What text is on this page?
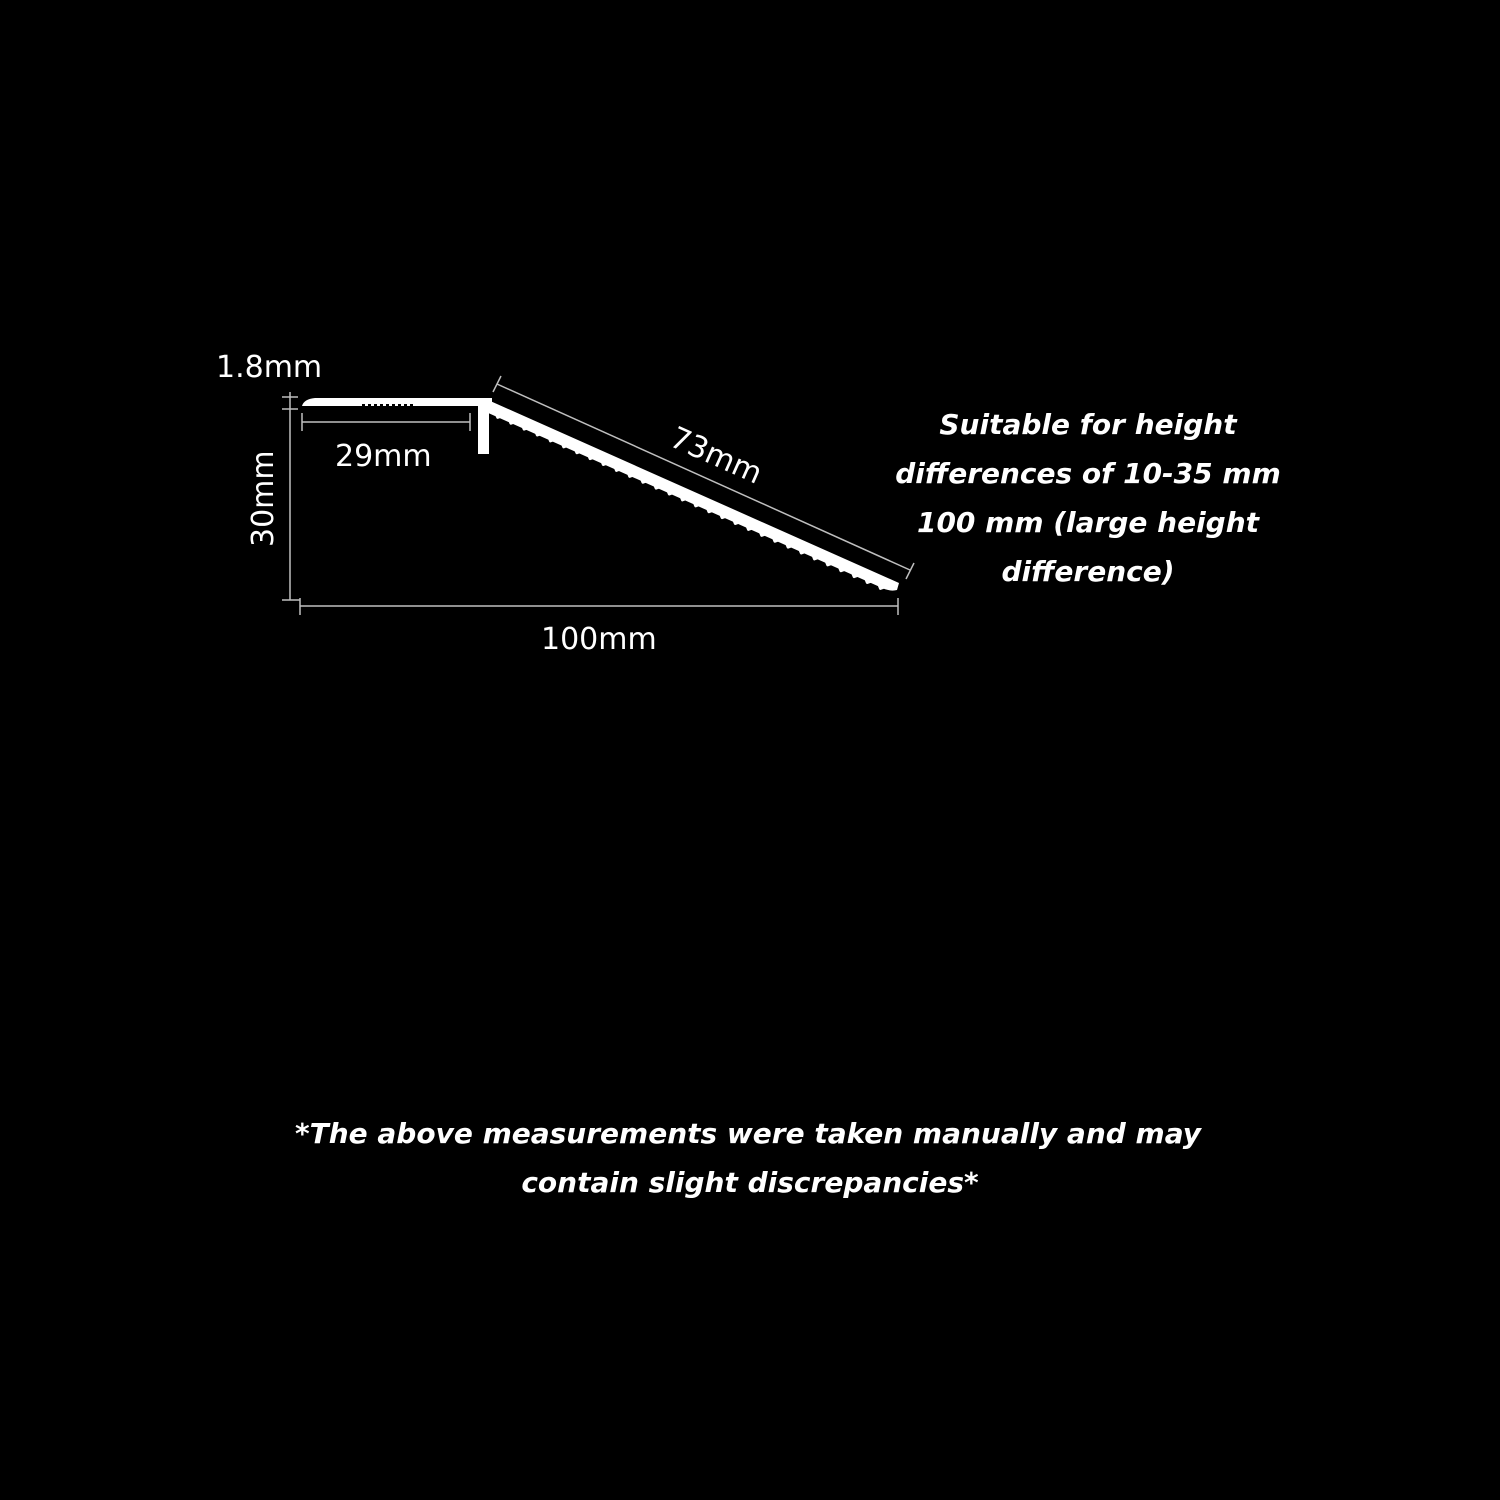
1.8mm
30mm 29mm	73mm
100mm
Suitable for height
differences of 10-35 mm
100 mm (large height
difference)
*The above measurements were taken manually and may
contain slight discrepancies*
